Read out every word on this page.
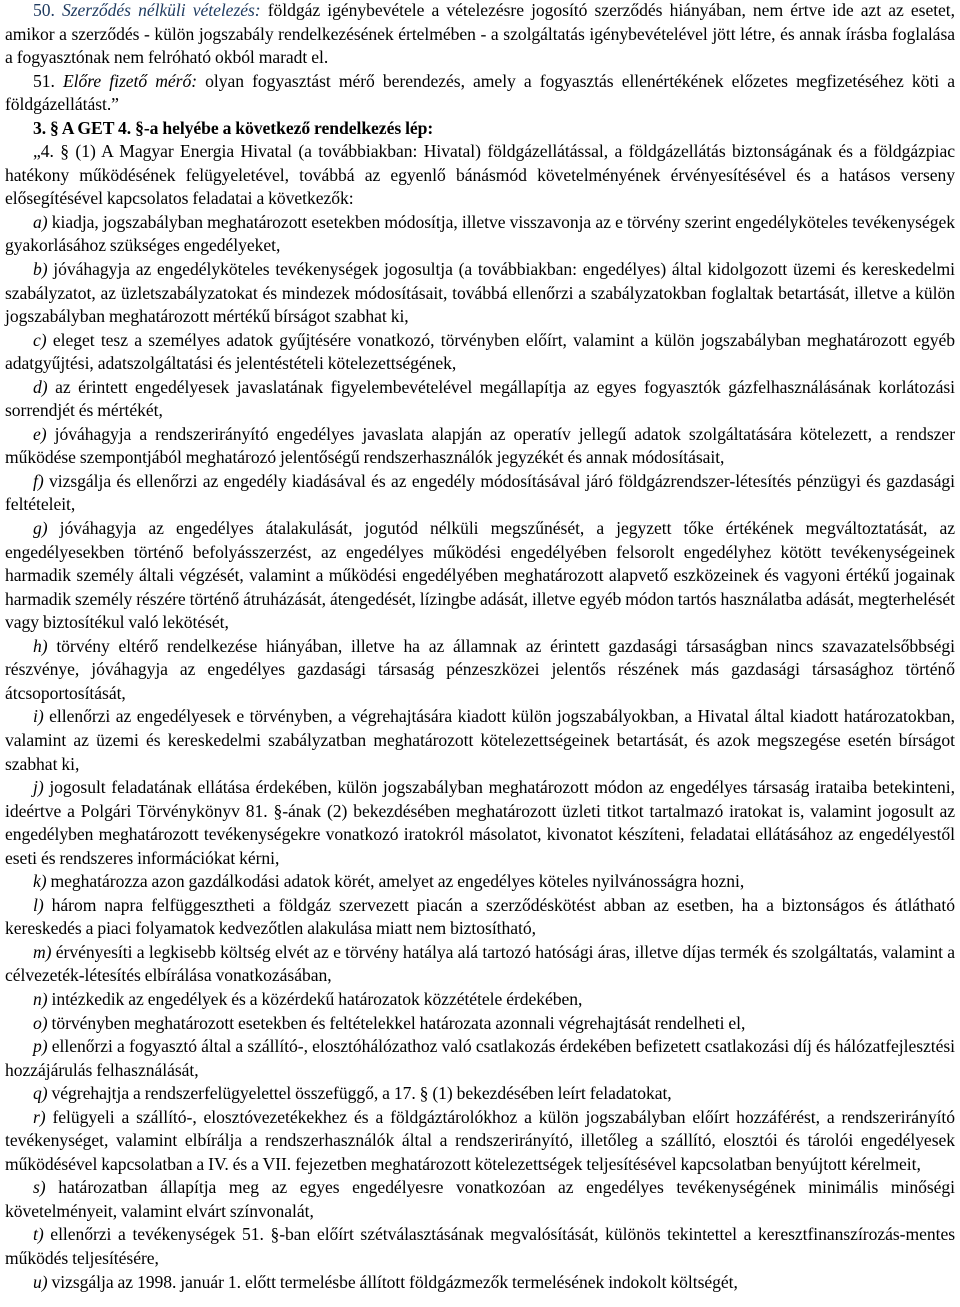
50. Szerződés nélküli vételezés: földgáz igénybevétele a vételezésre jogosító szerződés hiányában, nem értve ide azt az esetet, amikor a szerződés - külön jogszabály rendelkezésének értelmében - a szolgáltatás igénybevételével jött létre, és annak írásba foglalása a fogyasztónak nem felróható okból maradt el.

51. Előre fizető mérő: olyan fogyasztást mérő berendezés, amely a fogyasztás ellenértékének előzetes megfizetéséhez köti a földgázellátást.”

3. § A GET 4. §-a helyébe a következő rendelkezés lép:

„4. § (1) A Magyar Energia Hivatal (a továbbiakban: Hivatal) földgázellátással, a földgázellátás biztonságának és a földgázpiac hatékony működésének felügyeletével, továbbá az egyenlő bánásmód követelményének érvényesítésével és a hatásos verseny elősegítésével kapcsolatos feladatai a következők:

a) kiadja, jogszabályban meghatározott esetekben módosítja, illetve visszavonja az e törvény szerint engedélyköteles tevékenységek gyakorlásához szükséges engedélyeket,

b) jóváhagyja az engedélyköteles tevékenységek jogosultja (a továbbiakban: engedélyes) által kidolgozott üzemi és kereskedelmi szabályzatot, az üzletszabályzatokat és mindezek módosításait, továbbá ellenőrzi a szabályzatokban foglaltak betartását, illetve a külön jogszabályban meghatározott mértékű bírságot szabhat ki,

c) eleget tesz a személyes adatok gyűjtésére vonatkozó, törvényben előírt, valamint a külön jogszabályban meghatározott egyéb adatgyűjtési, adatszolgáltatási és jelentéstételi kötelezettségének,

d) az érintett engedélyesek javaslatának figyelembevételével megállapítja az egyes fogyasztók gázfelhasználásának korlátozási sorrendjét és mértékét,

e) jóváhagyja a rendszerirányító engedélyes javaslata alapján az operatív jellegű adatok szolgáltatására kötelezett, a rendszer működése szempontjából meghatározó jelentőségű rendszerhasználók jegyzékét és annak módosításait,

f) vizsgálja és ellenőrzi az engedély kiadásával és az engedély módosításával járó földgázrendszer-létesítés pénzügyi és gazdasági feltételeit,

g) jóváhagyja az engedélyes átalakulását, jogutód nélküli megszűnését, a jegyzett tőke értékének megváltoztatását, az engedélyesekben történő befolyásszerzést, az engedélyes működési engedélyében felsorolt engedélyhez kötött tevékenységeinek harmadik személy általi végzését, valamint a működési engedélyében meghatározott alapvető eszközeinek és vagyoni értékű jogainak harmadik személy részére történő átruházását, átengedését, lízingbe adását, illetve egyéb módon tartós használatba adását, megterhelését vagy biztosítékul való lekötését,

h) törvény eltérő rendelkezése hiányában, illetve ha az államnak az érintett gazdasági társaságban nincs szavazatelsőbbségi részvénye, jóváhagyja az engedélyes gazdasági társaság pénzeszközei jelentős részének más gazdasági társasághoz történő átcsoportosítását,

i) ellenőrzi az engedélyesek e törvényben, a végrehajtására kiadott külön jogszabályokban, a Hivatal által kiadott határozatokban, valamint az üzemi és kereskedelmi szabályzatban meghatározott kötelezettségeinek betartását, és azok megszegése esetén bírságot szabhat ki,

j) jogosult feladatának ellátása érdekében, külön jogszabályban meghatározott módon az engedélyes társaság irataiba betekinteni, ideértve a Polgári Törvénykönyv 81. §-ának (2) bekezdésében meghatározott üzleti titkot tartalmazó iratokat is, valamint jogosult az engedélyben meghatározott tevékenységekre vonatkozó iratokról másolatot, kivonatot készíteni, feladatai ellátásához az engedélyestől eseti és rendszeres információkat kérni,

k) meghatározza azon gazdálkodási adatok körét, amelyet az engedélyes köteles nyilvánosságra hozni,

l) három napra felfüggesztheti a földgáz szervezett piacán a szerződéskötést abban az esetben, ha a biztonságos és átlátható kereskedés a piaci folyamatok kedvezőtlen alakulása miatt nem biztosítható,

m) érvényesíti a legkisebb költség elvét az e törvény hatálya alá tartozó hatósági áras, illetve díjas termék és szolgáltatás, valamint a célvezeték-létesítés elbírálása vonatkozásában,

n) intézkedik az engedélyek és a közérdekű határozatok közzététele érdekében,

o) törvényben meghatározott esetekben és feltételekkel határozata azonnali végrehajtását rendelheti el,

p) ellenőrzi a fogyasztó által a szállító-, elosztóhálózathoz való csatlakozás érdekében befizetett csatlakozási díj és hálózatfejlesztési hozzájárulás felhasználását,

q) végrehajtja a rendszerfelügyelettel összefüggő, a 17. § (1) bekezdésében leírt feladatokat,

r) felügyeli a szállító-, elosztóvezetékekhez és a földgáztárolókhoz a külön jogszabályban előírt hozzáférést, a rendszerirányító tevékenységet, valamint elbírálja a rendszerhasználók által a rendszerirányító, illetőleg a szállító, elosztói és tárolói engedélyesek működésével kapcsolatban a IV. és a VII. fejezetben meghatározott kötelezettségek teljesítésével kapcsolatban benyújtott kérelmeit,

s) határozatban állapítja meg az egyes engedélyesre vonatkozóan az engedélyes tevékenységének minimális minőségi követelményeit, valamint elvárt színvonalát,

t) ellenőrzi a tevékenységek 51. §-ban előírt szétválasztásának megvalósítását, különös tekintettel a keresztfinanszírozás-mentes működés teljesítésére,

u) vizsgálja az 1998. január 1. előtt termelésbe állított földgázmezők termelésének indokolt költségét,
